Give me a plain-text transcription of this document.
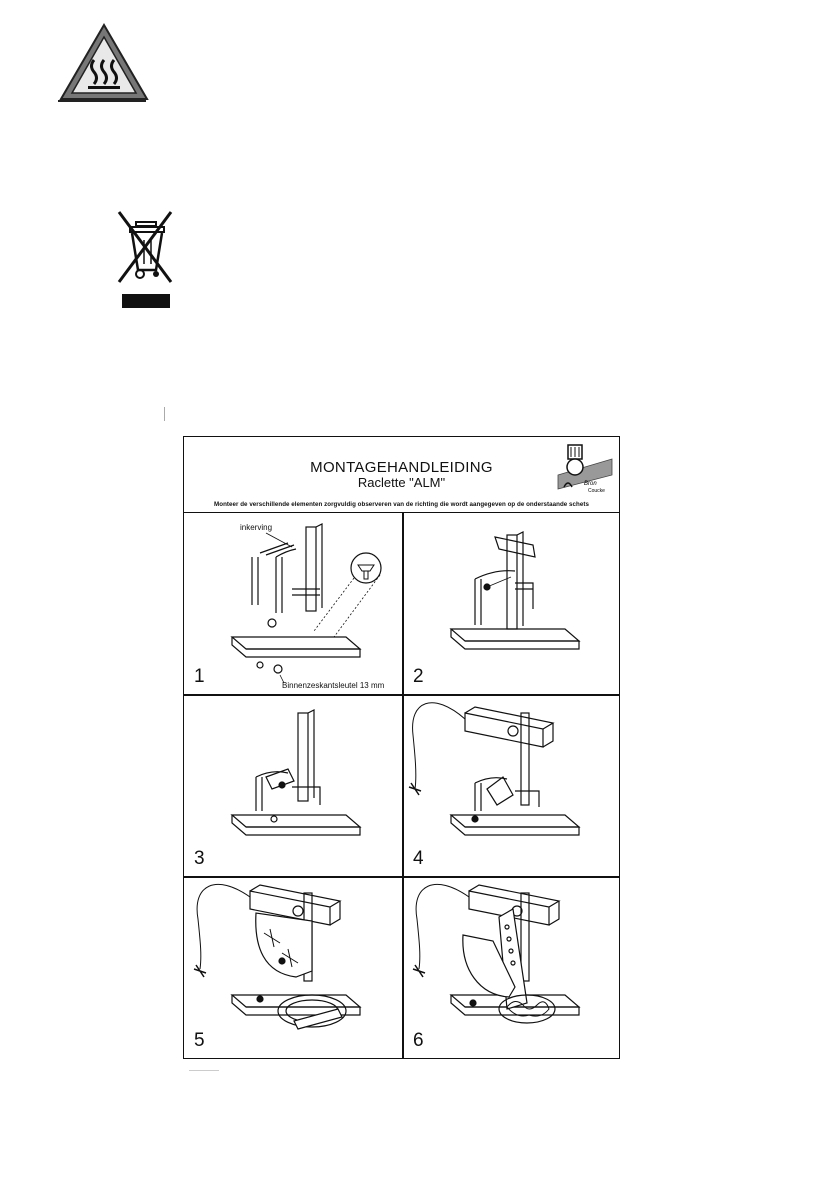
MONTAGEHANDLEIDING
Raclette "ALM"
Monteer de verschillende elementen zorgvuldig observeren van de richting die wordt aangegeven op de onderstaande schets
Bron
Coucke
inkerving
Binnenzeskantsleutel 13 mm
1	2
3	4
5	6
